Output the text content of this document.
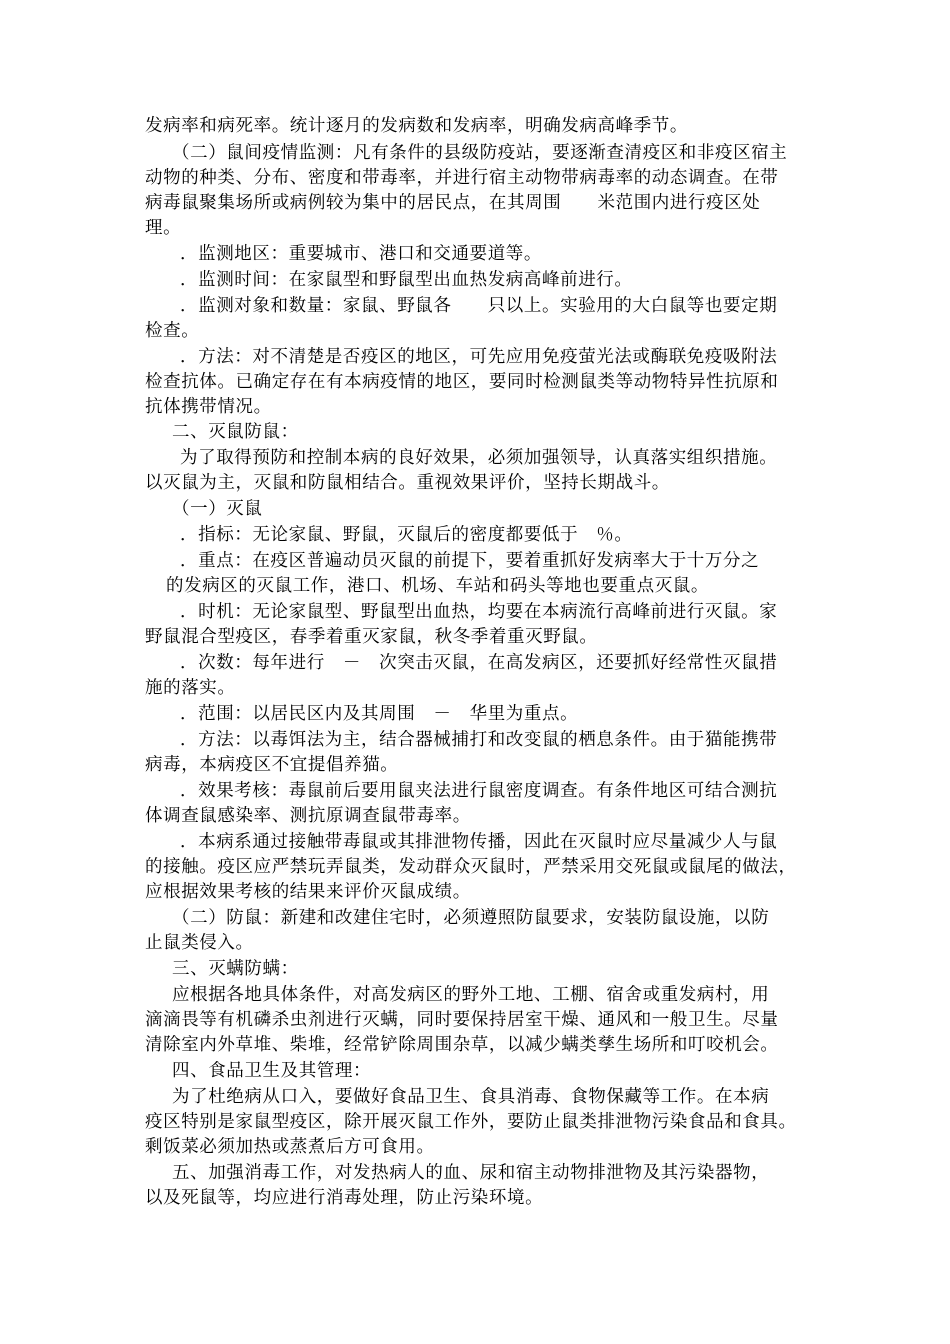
发病率和病死率。统计逐月的发病数和发病率，明确发病高峰季节。
（二）鼠间疫情监测：凡有条件的县级防疫站，要逐渐查清疫区和非疫区宿主
动物的种类、分布、密度和带毒率，并进行宿主动物带病毒率的动态调查。在带
病毒鼠聚集场所或病例较为集中的居民点，在其周围　　米范围内进行疫区处
理。
．监测地区：重要城市、港口和交通要道等。
．监测时间：在家鼠型和野鼠型出血热发病高峰前进行。
．监测对象和数量：家鼠、野鼠各　　只以上。实验用的大白鼠等也要定期
检查。
．方法：对不清楚是否疫区的地区，可先应用免疫萤光法或酶联免疫吸附法
检查抗体。已确定存在有本病疫情的地区，要同时检测鼠类等动物特异性抗原和
抗体携带情况。
二、灭鼠防鼠：
为了取得预防和控制本病的良好效果，必须加强领导，认真落实组织措施。
以灭鼠为主，灭鼠和防鼠相结合。重视效果评价，坚持长期战斗。
（一）灭鼠
．指标：无论家鼠、野鼠，灭鼠后的密度都要低于　％。
．重点：在疫区普遍动员灭鼠的前提下，要着重抓好发病率大于十万分之
的发病区的灭鼠工作，港口、机场、车站和码头等地也要重点灭鼠。
．时机：无论家鼠型、野鼠型出血热，均要在本病流行高峰前进行灭鼠。家
野鼠混合型疫区，春季着重灭家鼠，秋冬季着重灭野鼠。
．次数：每年进行　－　次突击灭鼠，在高发病区，还要抓好经常性灭鼠措
施的落实。
．范围：以居民区内及其周围　－　华里为重点。
．方法：以毒饵法为主，结合器械捕打和改变鼠的栖息条件。由于猫能携带
病毒，本病疫区不宜提倡养猫。
．效果考核：毒鼠前后要用鼠夹法进行鼠密度调查。有条件地区可结合测抗
体调查鼠感染率、测抗原调查鼠带毒率。
．本病系通过接触带毒鼠或其排泄物传播，因此在灭鼠时应尽量减少人与鼠
的接触。疫区应严禁玩弄鼠类，发动群众灭鼠时，严禁采用交死鼠或鼠尾的做法，
应根据效果考核的结果来评价灭鼠成绩。
（二）防鼠：新建和改建住宅时，必须遵照防鼠要求，安装防鼠设施，以防
止鼠类侵入。
三、灭螨防螨：
应根据各地具体条件，对高发病区的野外工地、工棚、宿舍或重发病村，用
滴滴畏等有机磷杀虫剂进行灭螨，同时要保持居室干燥、通风和一般卫生。尽量
清除室内外草堆、柴堆，经常铲除周围杂草，以减少螨类孳生场所和叮咬机会。
四、食品卫生及其管理：
为了杜绝病从口入，要做好食品卫生、食具消毒、食物保藏等工作。在本病
疫区特别是家鼠型疫区，除开展灭鼠工作外，要防止鼠类排泄物污染食品和食具。
剩饭菜必须加热或蒸煮后方可食用。
五、加强消毒工作，对发热病人的血、尿和宿主动物排泄物及其污染器物，
以及死鼠等，均应进行消毒处理，防止污染环境。
